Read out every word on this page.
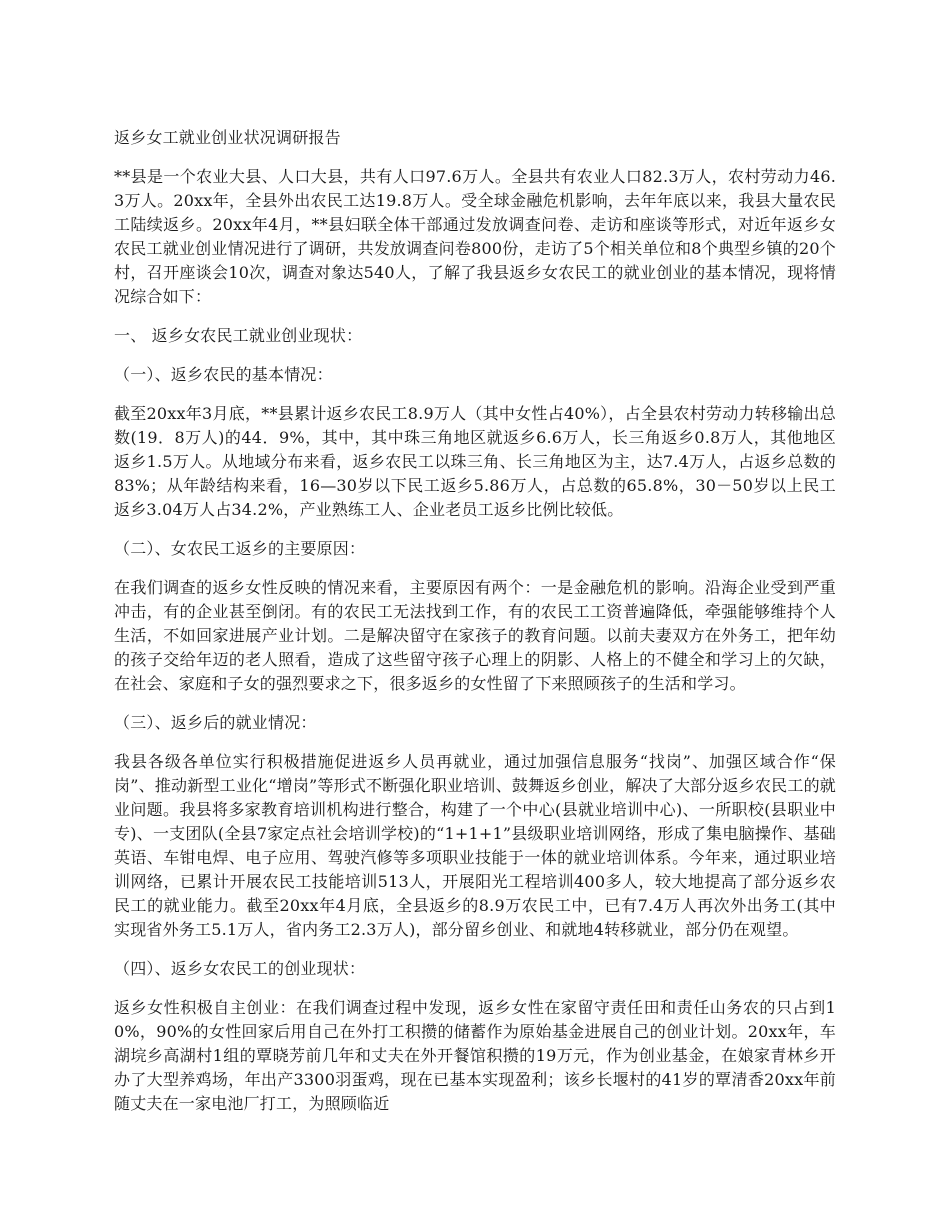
返乡女工就业创业状况调研报告

**县是一个农业大县、人口大县，共有人口97.6万人。全县共有农业人口82.3万人，农村劳动力46.3万人。20xx年，全县外出农民工达19.8万人。受全球金融危机影响，去年年底以来，我县大量农民工陆续返乡。20xx年4月，**县妇联全体干部通过发放调查问卷、走访和座谈等形式，对近年返乡女农民工就业创业情况进行了调研，共发放调查问卷800份，走访了5个相关单位和8个典型乡镇的20个村，召开座谈会10次，调查对象达540人，了解了我县返乡女农民工的就业创业的基本情况，现将情况综合如下：

一、 返乡女农民工就业创业现状：

（一）、返乡农民的基本情况：

截至20xx年3月底，**县累计返乡农民工8.9万人（其中女性占40%），占全县农村劳动力转移输出总数(19．8万人)的44．9%，其中，其中珠三角地区就返乡6.6万人，长三角返乡0.8万人，其他地区返乡1.5万人。从地域分布来看，返乡农民工以珠三角、长三角地区为主，达7.4万人，占返乡总数的83%；从年龄结构来看，16—30岁以下民工返乡5.86万人，占总数的65.8%，30－50岁以上民工返乡3.04万人占34.2%，产业熟练工人、企业老员工返乡比例比较低。

（二）、女农民工返乡的主要原因：

在我们调查的返乡女性反映的情况来看，主要原因有两个：一是金融危机的影响。沿海企业受到严重冲击，有的企业甚至倒闭。有的农民工无法找到工作，有的农民工工资普遍降低，牵强能够维持个人生活，不如回家进展产业计划。二是解决留守在家孩子的教育问题。以前夫妻双方在外务工，把年幼的孩子交给年迈的老人照看，造成了这些留守孩子心理上的阴影、人格上的不健全和学习上的欠缺，在社会、家庭和子女的强烈要求之下，很多返乡的女性留了下来照顾孩子的生活和学习。

（三）、返乡后的就业情况：

我县各级各单位实行积极措施促进返乡人员再就业，通过加强信息服务“找岗”、加强区域合作“保岗”、推动新型工业化“增岗”等形式不断强化职业培训、鼓舞返乡创业，解决了大部分返乡农民工的就业问题。我县将多家教育培训机构进行整合，构建了一个中心(县就业培训中心)、一所职校(县职业中专)、一支团队(全县7家定点社会培训学校)的“1+1+1”县级职业培训网络，形成了集电脑操作、基础英语、车钳电焊、电子应用、驾驶汽修等多项职业技能于一体的就业培训体系。今年来，通过职业培训网络，已累计开展农民工技能培训513人，开展阳光工程培训400多人，较大地提高了部分返乡农民工的就业能力。截至20xx年4月底，全县返乡的8.9万农民工中，已有7.4万人再次外出务工(其中实现省外务工5.1万人，省内务工2.3万人)，部分留乡创业、和就地4转移就业，部分仍在观望。

（四）、返乡女农民工的创业现状：

返乡女性积极自主创业：在我们调查过程中发现，返乡女性在家留守责任田和责任山务农的只占到10%，90%的女性回家后用自己在外打工积攒的储蓄作为原始基金进展自己的创业计划。20xx年，车湖垸乡高湖村1组的覃晓芳前几年和丈夫在外开餐馆积攒的19万元，作为创业基金，在娘家青林乡开办了大型养鸡场，年出产3300羽蛋鸡，现在已基本实现盈利；该乡长堰村的41岁的覃清香20xx年前随丈夫在一家电池厂打工，为照顾临近
